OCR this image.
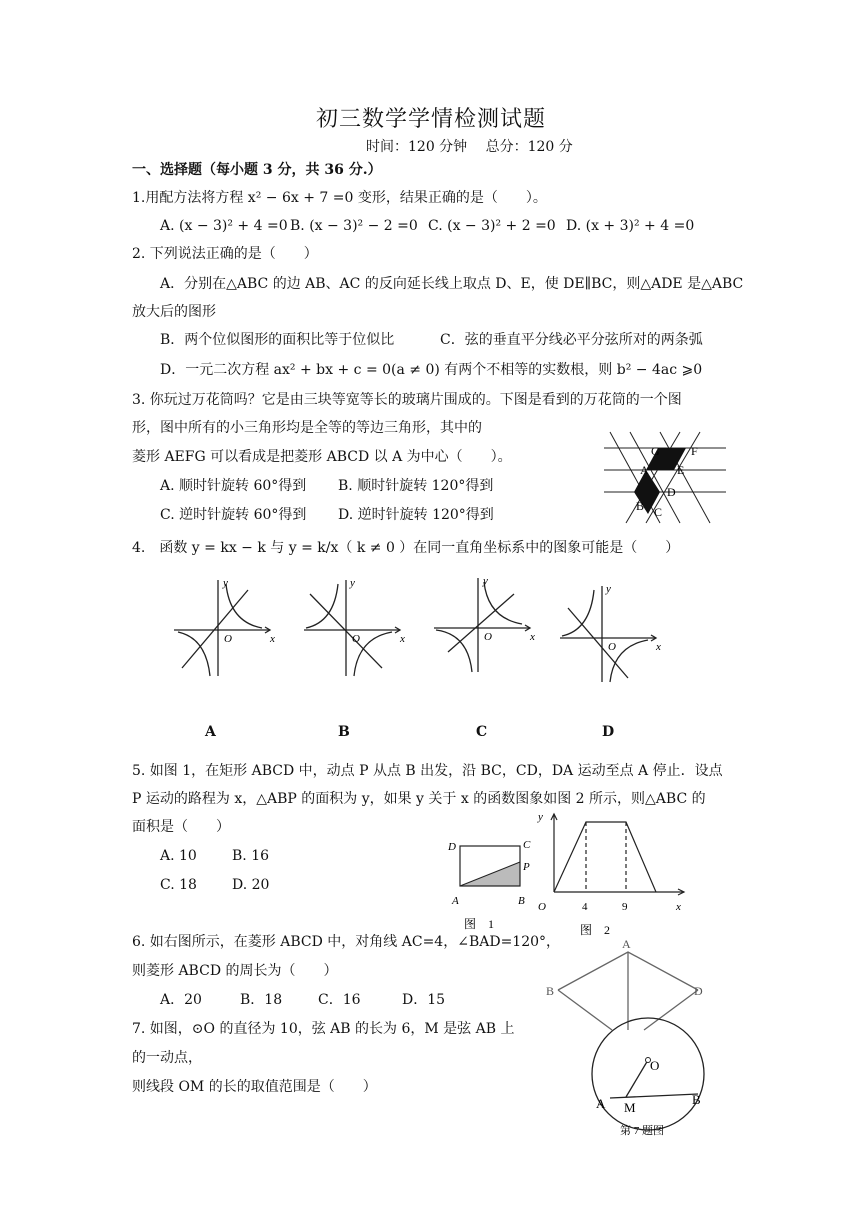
初三数学学情检测试题
时间：120 分钟　 总分：120 分
一、选择题（每小题 3 分，共 36 分.）
1.用配方法将方程 x² − 6x + 7 =0 变形，结果正确的是（　　）。
A. (x − 3)² + 4 =0 B. (x − 3)² − 2 =0 C. (x − 3)² + 2 =0 D. (x + 3)² + 4 =0
2. 下列说法正确的是（　　）
A．分别在△ABC 的边 AB、AC 的反向延长线上取点 D、E，使 DE∥BC，则△ADE 是△ABC
放大后的图形
B．两个位似图形的面积比等于位似比	C．弦的垂直平分线必平分弦所对的两条弧
D．一元二次方程 ax² + bx + c = 0(a ≠ 0) 有两个不相等的实数根，则 b² − 4ac ⩾0
3. 你玩过万花筒吗？它是由三块等宽等长的玻璃片围成的。下图是看到的万花筒的一个图
形，图中所有的小三角形均是全等的等边三角形，其中的
菱形 AEFG 可以看成是把菱形 ABCD 以 A 为中心（　　）。
A. 顺时针旋转 60°得到 B. 顺时针旋转 120°得到
C. 逆时针旋转 60°得到 D. 逆时针旋转 120°得到
G	F
A E
D
B C
4.　函数 y = kx − k 与 y = k/x（ k ≠ 0 ）在同一直角坐标系中的图象可能是（　　）
y
x
O
y
x
O
y
x
O
y
x
O
A	B	C	D
5. 如图 1，在矩形 ABCD 中，动点 P 从点 B 出发，沿 BC，CD，DA 运动至点 A 停止．设点
P 运动的路程为 x，△ABP 的面积为 y，如果 y 关于 x 的函数图象如图 2 所示，则△ABC 的
面积是（　　）
A. 10	B. 16
C. 18	D. 20
D	C
P
A	B
图　1
y
x
O	4	9
图　2
6. 如右图所示，在菱形 ABCD 中，对角线 AC=4，∠BAD=120°，
则菱形 ABCD 的周长为（　　）
A．20	B．18	C．16	D．15
A
B	D
7. 如图，⊙O 的直径为 10，弦 AB 的长为 6，M 是弦 AB 上
的一动点，
则线段 OM 的长的取值范围是（　　）
O
A M
B
第 7 题图
